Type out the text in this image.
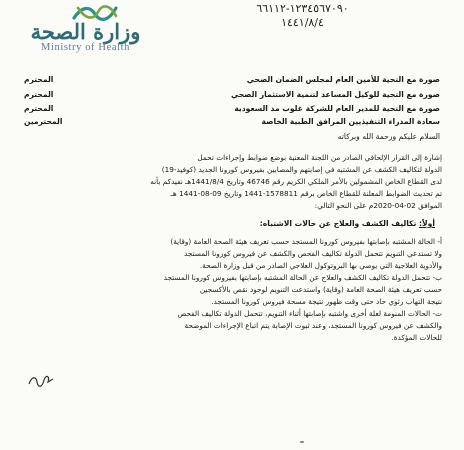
وزارة الصحة
Ministry of Health
١٢٣٤٥٦٧٠٩٠-٦٦١١٢
١٤٤١/٨/٤
صورة مع التحية للأمين العام لمجلس الضمان الصحي
المحترم
صورة مع التحية للوكيل المساعد لتنمية الاستثمار الصحي
المحترم
صورة مع التحية للمدير العام للشركة غلوب مد السعودية
المحترم
سعادة المدراء التنفيذيين المرافق الطبية الخاصة
المحترمين
السلام عليكم ورحمة الله وبركاته

إشارة إلى القرار الإلحاقي الصادر من اللجنة المعنية بوضع ضوابط وإجراءات تحمل

الدولة لتكاليف الكشف عن المشتبه في إصابتهم والمصابين بفيروس كورونا الجديد (كوفيد-19)

لدى القطاع الخاص المشمولين بالأمر الملكي الكريم رقم 46746 وتاريخ 1441/8/4هـ نفيدكم بأنه

تم تحديث الضوابط المعلنة للقطاع الخاص برقم 1578811-1441 وتاريخ 09-08-1441 هـ

الموافق 02-04-2020م على النحو التالي:

أولاً: تكاليف الكشف والعلاج عن حالات الاشتباه:

أ- الحالة المشتبه بإصابتها بفيروس كورونا المستجد حسب تعريف هيئة الصحة العامة (وقاية)

ولا تستدعي التنويم تتحمل الدولة تكاليف الفحص والكشف عن فيروس كورونا المستجد

والأدوية العلاجية التي يوصي بها البروتوكول العلاجي الصادر من قبل وزارة الصحة.

ب- تتحمل الدولة تكاليف الكشف والعلاج عن الحالة المشتبه بإصابتها بفيروس كورونا المستجد

حسب تعريف هيئة الصحة العامة (وقاية) واستدعت التنويم لوجود نقص بالأكسجين

نتيجة التهاب رئوي حاد حتى وقت ظهور نتيجة مسحة فيروس كورونا المستجد.

ت- الحالات المنومة لعلة أخرى واشتبه بإصابتها أثناء التنويم، تتحمل الدولة تكاليف الفحص

والكشف عن فيروس كورونا المستجد، وعند ثبوت الإصابة يتم اتباع الإجراءات الموضحة

للحالات المؤكدة.
